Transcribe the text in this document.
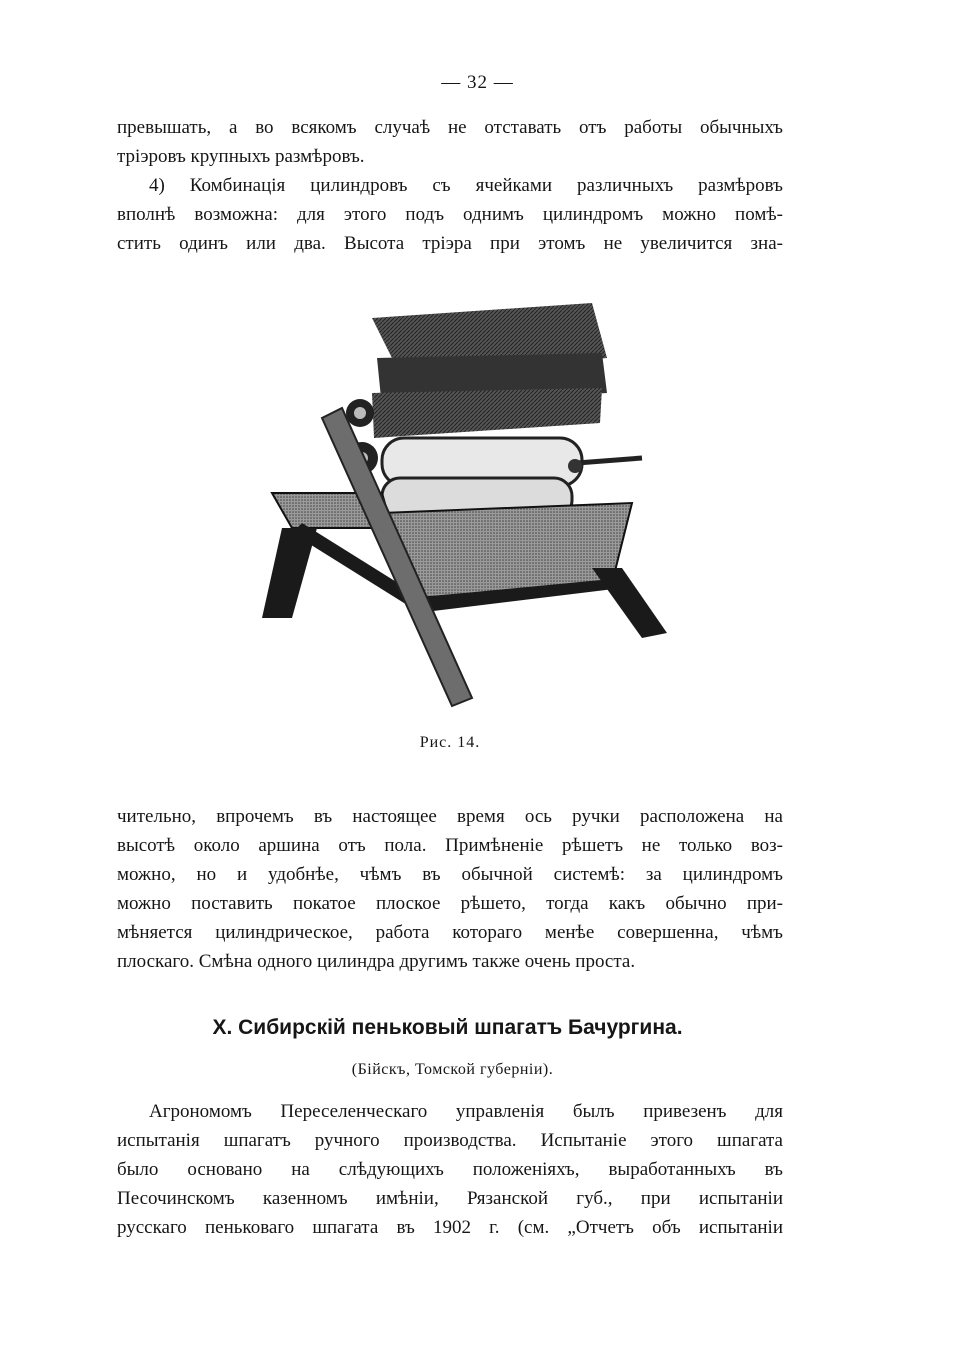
— 32 —
превышать, а во всякомъ случаѣ не отставать отъ работы обычныхъ
тріэровъ крупныхъ размѣровъ.
4) Комбинація цилиндровъ съ ячейками различныхъ размѣровъ
вполнѣ возможна: для этого подъ однимъ цилиндромъ можно помѣ-
стить одинъ или два. Высота тріэра при этомъ не увеличится зна-
Рис. 14.
чительно, впрочемъ въ настоящее время ось ручки расположена на
высотѣ около аршина отъ пола. Примѣненіе рѣшетъ не только воз-
можно, но и удобнѣе, чѣмъ въ обычной системѣ: за цилиндромъ
можно поставить покатое плоское рѣшето, тогда какъ обычно при-
мѣняется цилиндрическое, работа котораго менѣе совершенна, чѣмъ
плоскаго. Смѣна одного цилиндра другимъ также очень проста.
X. Сибирскій пеньковый шпагатъ Бачургина.
(Бійскъ, Томской губерніи).
Агрономомъ Переселенческаго управленія былъ привезенъ для
испытанія шпагатъ ручного производства. Испытаніе этого шпагата
было основано на слѣдующихъ положеніяхъ, выработанныхъ въ
Песочинскомъ казенномъ имѣніи, Рязанской губ., при испытаніи
русскаго пеньковаго шпагата въ 1902 г. (см. „Отчетъ объ испытаніи
